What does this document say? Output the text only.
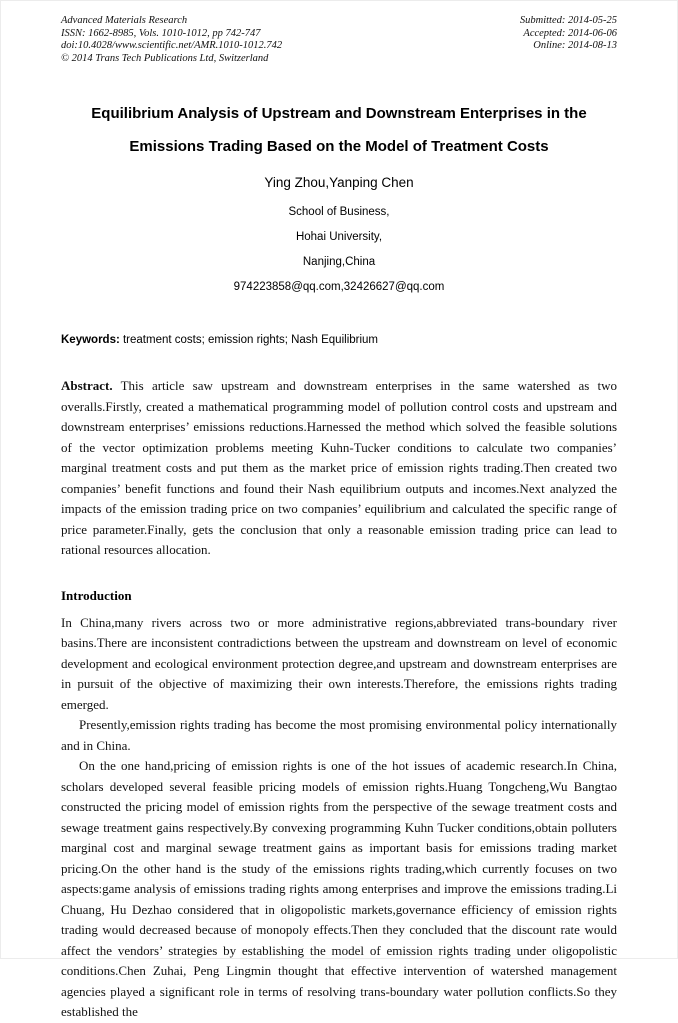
Advanced Materials Research
ISSN: 1662-8985, Vols. 1010-1012, pp 742-747
doi:10.4028/www.scientific.net/AMR.1010-1012.742
© 2014 Trans Tech Publications Ltd, Switzerland
Submitted: 2014-05-25
Accepted: 2014-06-06
Online: 2014-08-13
Equilibrium Analysis of Upstream and Downstream Enterprises in the
Emissions Trading Based on the Model of Treatment Costs
Ying Zhou,Yanping Chen
School of Business,
Hohai University,
Nanjing,China
974223858@qq.com,32426627@qq.com
Keywords: treatment costs; emission rights; Nash Equilibrium
Abstract. This article saw upstream and downstream enterprises in the same watershed as two overalls.Firstly, created a mathematical programming model of pollution control costs and upstream and downstream enterprises’ emissions reductions.Harnessed the method which solved the feasible solutions of the vector optimization problems meeting Kuhn-Tucker conditions to calculate two companies’ marginal treatment costs and put them as the market price of emission rights trading.Then created two companies’ benefit functions and found their Nash equilibrium outputs and incomes.Next analyzed the impacts of the emission trading price on two companies’ equilibrium and calculated the specific range of price parameter.Finally, gets the conclusion that only a reasonable emission trading price can lead to rational resources allocation.
Introduction
In China,many rivers across two or more administrative regions,abbreviated trans-boundary river basins.There are inconsistent contradictions between the upstream and downstream on level of economic development and ecological environment protection degree,and upstream and downstream enterprises are in pursuit of the objective of maximizing their own interests.Therefore, the emissions rights trading emerged.
Presently,emission rights trading has become the most promising environmental policy internationally and in China.
On the one hand,pricing of emission rights is one of the hot issues of academic research.In China, scholars developed several feasible pricing models of emission rights.Huang Tongcheng,Wu Bangtao constructed the pricing model of emission rights from the perspective of the sewage treatment costs and sewage treatment gains respectively.By convexing programming Kuhn Tucker conditions,obtain polluters marginal cost and marginal sewage treatment gains as important basis for emissions trading market pricing.On the other hand is the study of the emissions rights trading,which currently focuses on two aspects:game analysis of emissions trading rights among enterprises and improve the emissions trading.Li Chuang, Hu Dezhao considered that in oligopolistic markets,governance efficiency of emission rights trading would decreased because of monopoly effects.Then they concluded that the discount rate would affect the vendors’ strategies by establishing the model of emission rights trading under oligopolistic conditions.Chen Zuhai, Peng Lingmin thought that effective intervention of watershed management agencies played a significant role in terms of resolving trans-boundary water pollution conflicts.So they established the
